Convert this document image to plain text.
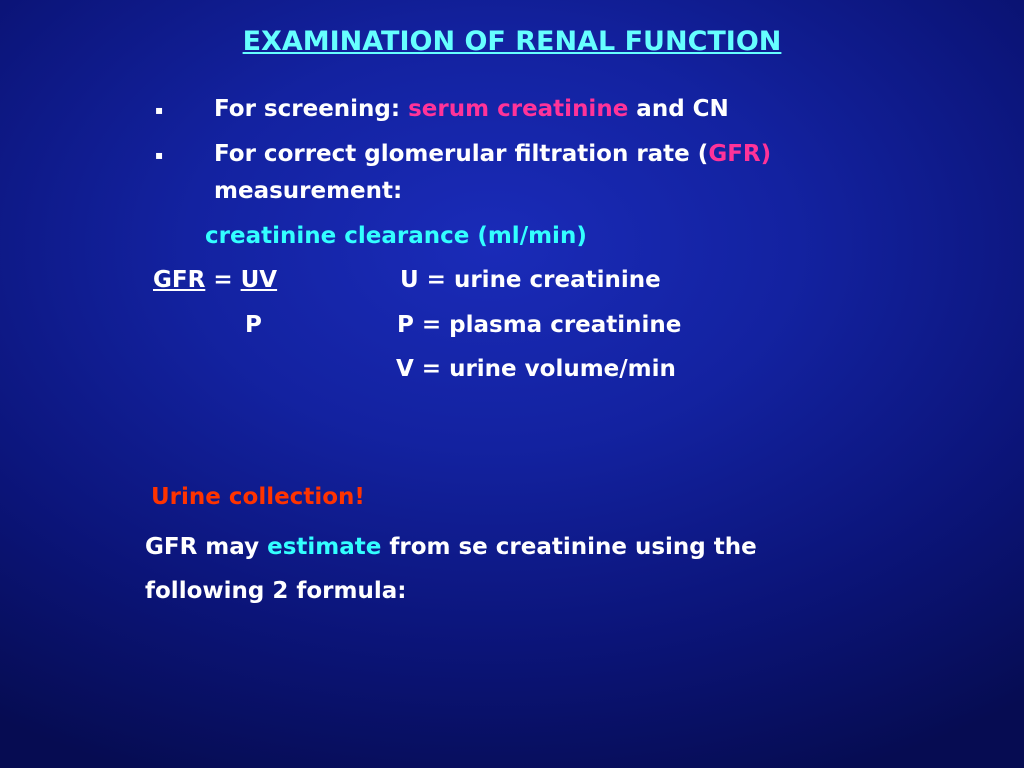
EXAMINATION OF RENAL FUNCTION
▪ For screening: serum creatinine and CN
▪ For correct glomerular filtration rate (GFR)
measurement:
creatinine clearance (ml/min)
GFR = UV
P
U = urine creatinine
P = plasma creatinine
V = urine volume/min
Urine collection!
GFR may estimate from se creatinine using the
following 2 formula:
